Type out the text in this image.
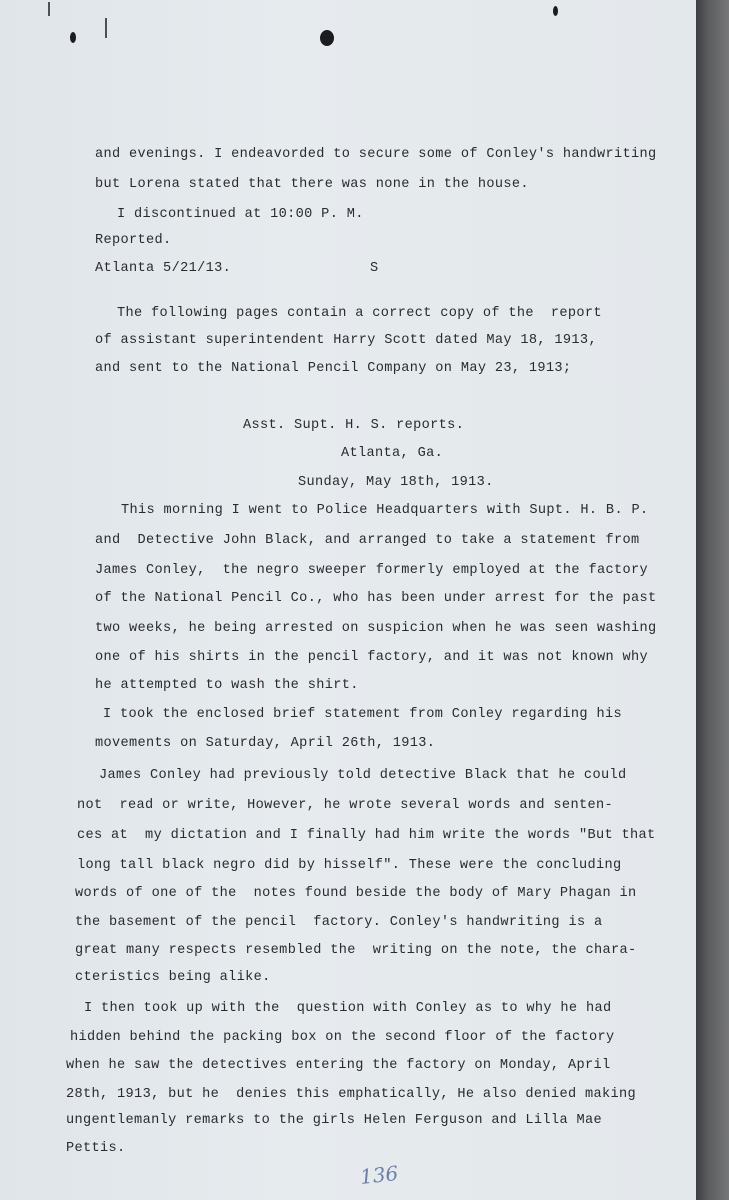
and evenings. I endeavorded to secure some of Conley's handwriting
but Lorena stated that there was none in the house.
I discontinued at 10:00 P. M.
Reported.
Atlanta 5/21/13.	S
The following pages contain a correct copy of the  report
of assistant superintendent Harry Scott dated May 18, 1913,
and sent to the National Pencil Company on May 23, 1913;
Asst. Supt. H. S. reports.
Atlanta, Ga.
Sunday, May 18th, 1913.
This morning I went to Police Headquarters with Supt. H. B. P.
and  Detective John Black, and arranged to take a statement from
James Conley,  the negro sweeper formerly employed at the factory
of the National Pencil Co., who has been under arrest for the past
two weeks, he being arrested on suspicion when he was seen washing
one of his shirts in the pencil factory, and it was not known why
he attempted to wash the shirt.
I took the enclosed brief statement from Conley regarding his
movements on Saturday, April 26th, 1913.
James Conley had previously told detective Black that he could
not  read or write, However, he wrote several words and senten-
ces at  my dictation and I finally had him write the words "But that
long tall black negro did by hisself". These were the concluding
words of one of the  notes found beside the body of Mary Phagan in
the basement of the pencil  factory. Conley's handwriting is a
great many respects resembled the  writing on the note, the chara-
cteristics being alike.
I then took up with the  question with Conley as to why he had
hidden behind the packing box on the second floor of the factory
when he saw the detectives entering the factory on Monday, April
28th, 1913, but he  denies this emphatically, He also denied making
ungentlemanly remarks to the girls Helen Ferguson and Lilla Mae
Pettis.
136
